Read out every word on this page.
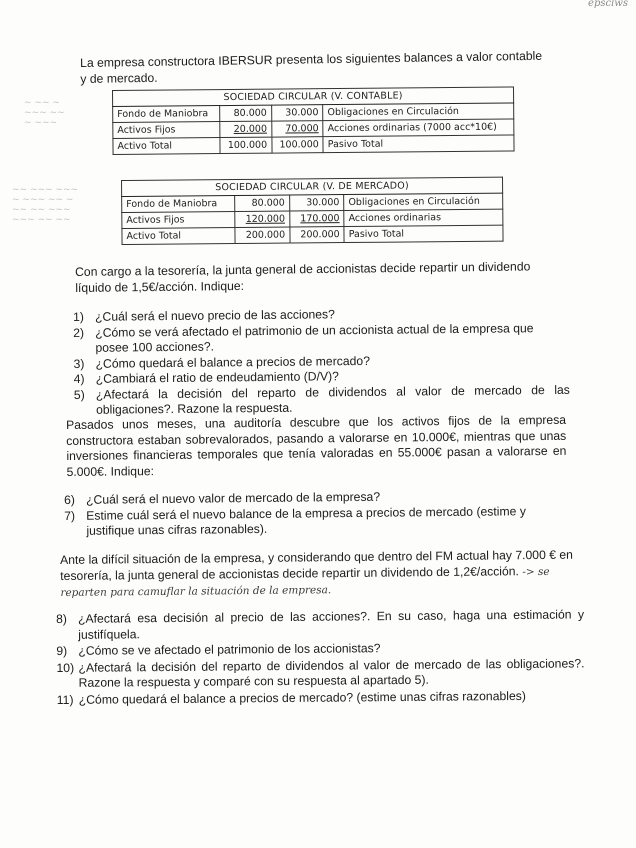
epsclws
~ ~~ ~
~~~ ~~
~ ~~~
~~ ~~~ ~~~
~ ~~~ ~~ ~
~~ ~~ ~~~
~~~ ~~ ~~
La empresa constructora IBERSUR presenta los siguientes balances a valor contable y de mercado.
SOCIEDAD CIRCULAR (V. CONTABLE)			
Fondo de Maniobra	80.000	30.000	Obligaciones en Circulación
Activos Fijos	20.000	70.000	Acciones ordinarias (7000 acc*10€)
Activo Total	100.000	100.000	Pasivo Total
SOCIEDAD CIRCULAR (V. DE MERCADO)			
Fondo de Maniobra	80.000	30.000	Obligaciones en Circulación
Activos Fijos	120.000	170.000	Acciones ordinarias
Activo Total	200.000	200.000	Pasivo Total
Con cargo a la tesorería, la junta general de accionistas decide repartir un dividendo líquido de 1,5€/acción. Indique:
1) ¿Cuál será el nuevo precio de las acciones?
2) ¿Cómo se verá afectado el patrimonio de un accionista actual de la empresa que posee 100 acciones?.
3) ¿Cómo quedará el balance a precios de mercado?
4) ¿Cambiará el ratio de endeudamiento (D/V)?
5) ¿Afectará la decisión del reparto de dividendos al valor de mercado de las obligaciones?. Razone la respuesta.
Pasados unos meses, una auditoría descubre que los activos fijos de la empresa constructora estaban sobrevalorados, pasando a valorarse en 10.000€, mientras que unas inversiones financieras temporales que tenía valoradas en 55.000€ pasan a valorarse en 5.000€. Indique:
6) ¿Cuál será el nuevo valor de mercado de la empresa?
7) Estime cuál será el nuevo balance de la empresa a precios de mercado (estime y justifique unas cifras razonables).
Ante la difícil situación de la empresa, y considerando que dentro del FM actual hay 7.000 € en tesorería, la junta general de accionistas decide repartir un dividendo de 1,2€/acción. -> se reparten para camuflar la situación de la empresa.
8) ¿Afectará esa decisión al precio de las acciones?. En su caso, haga una estimación y justifíquela.
9) ¿Cómo se ve afectado el patrimonio de los accionistas?
10) ¿Afectará la decisión del reparto de dividendos al valor de mercado de las obligaciones?. Razone la respuesta y comparé con su respuesta al apartado 5).
11) ¿Cómo quedará el balance a precios de mercado? (estime unas cifras razonables)
